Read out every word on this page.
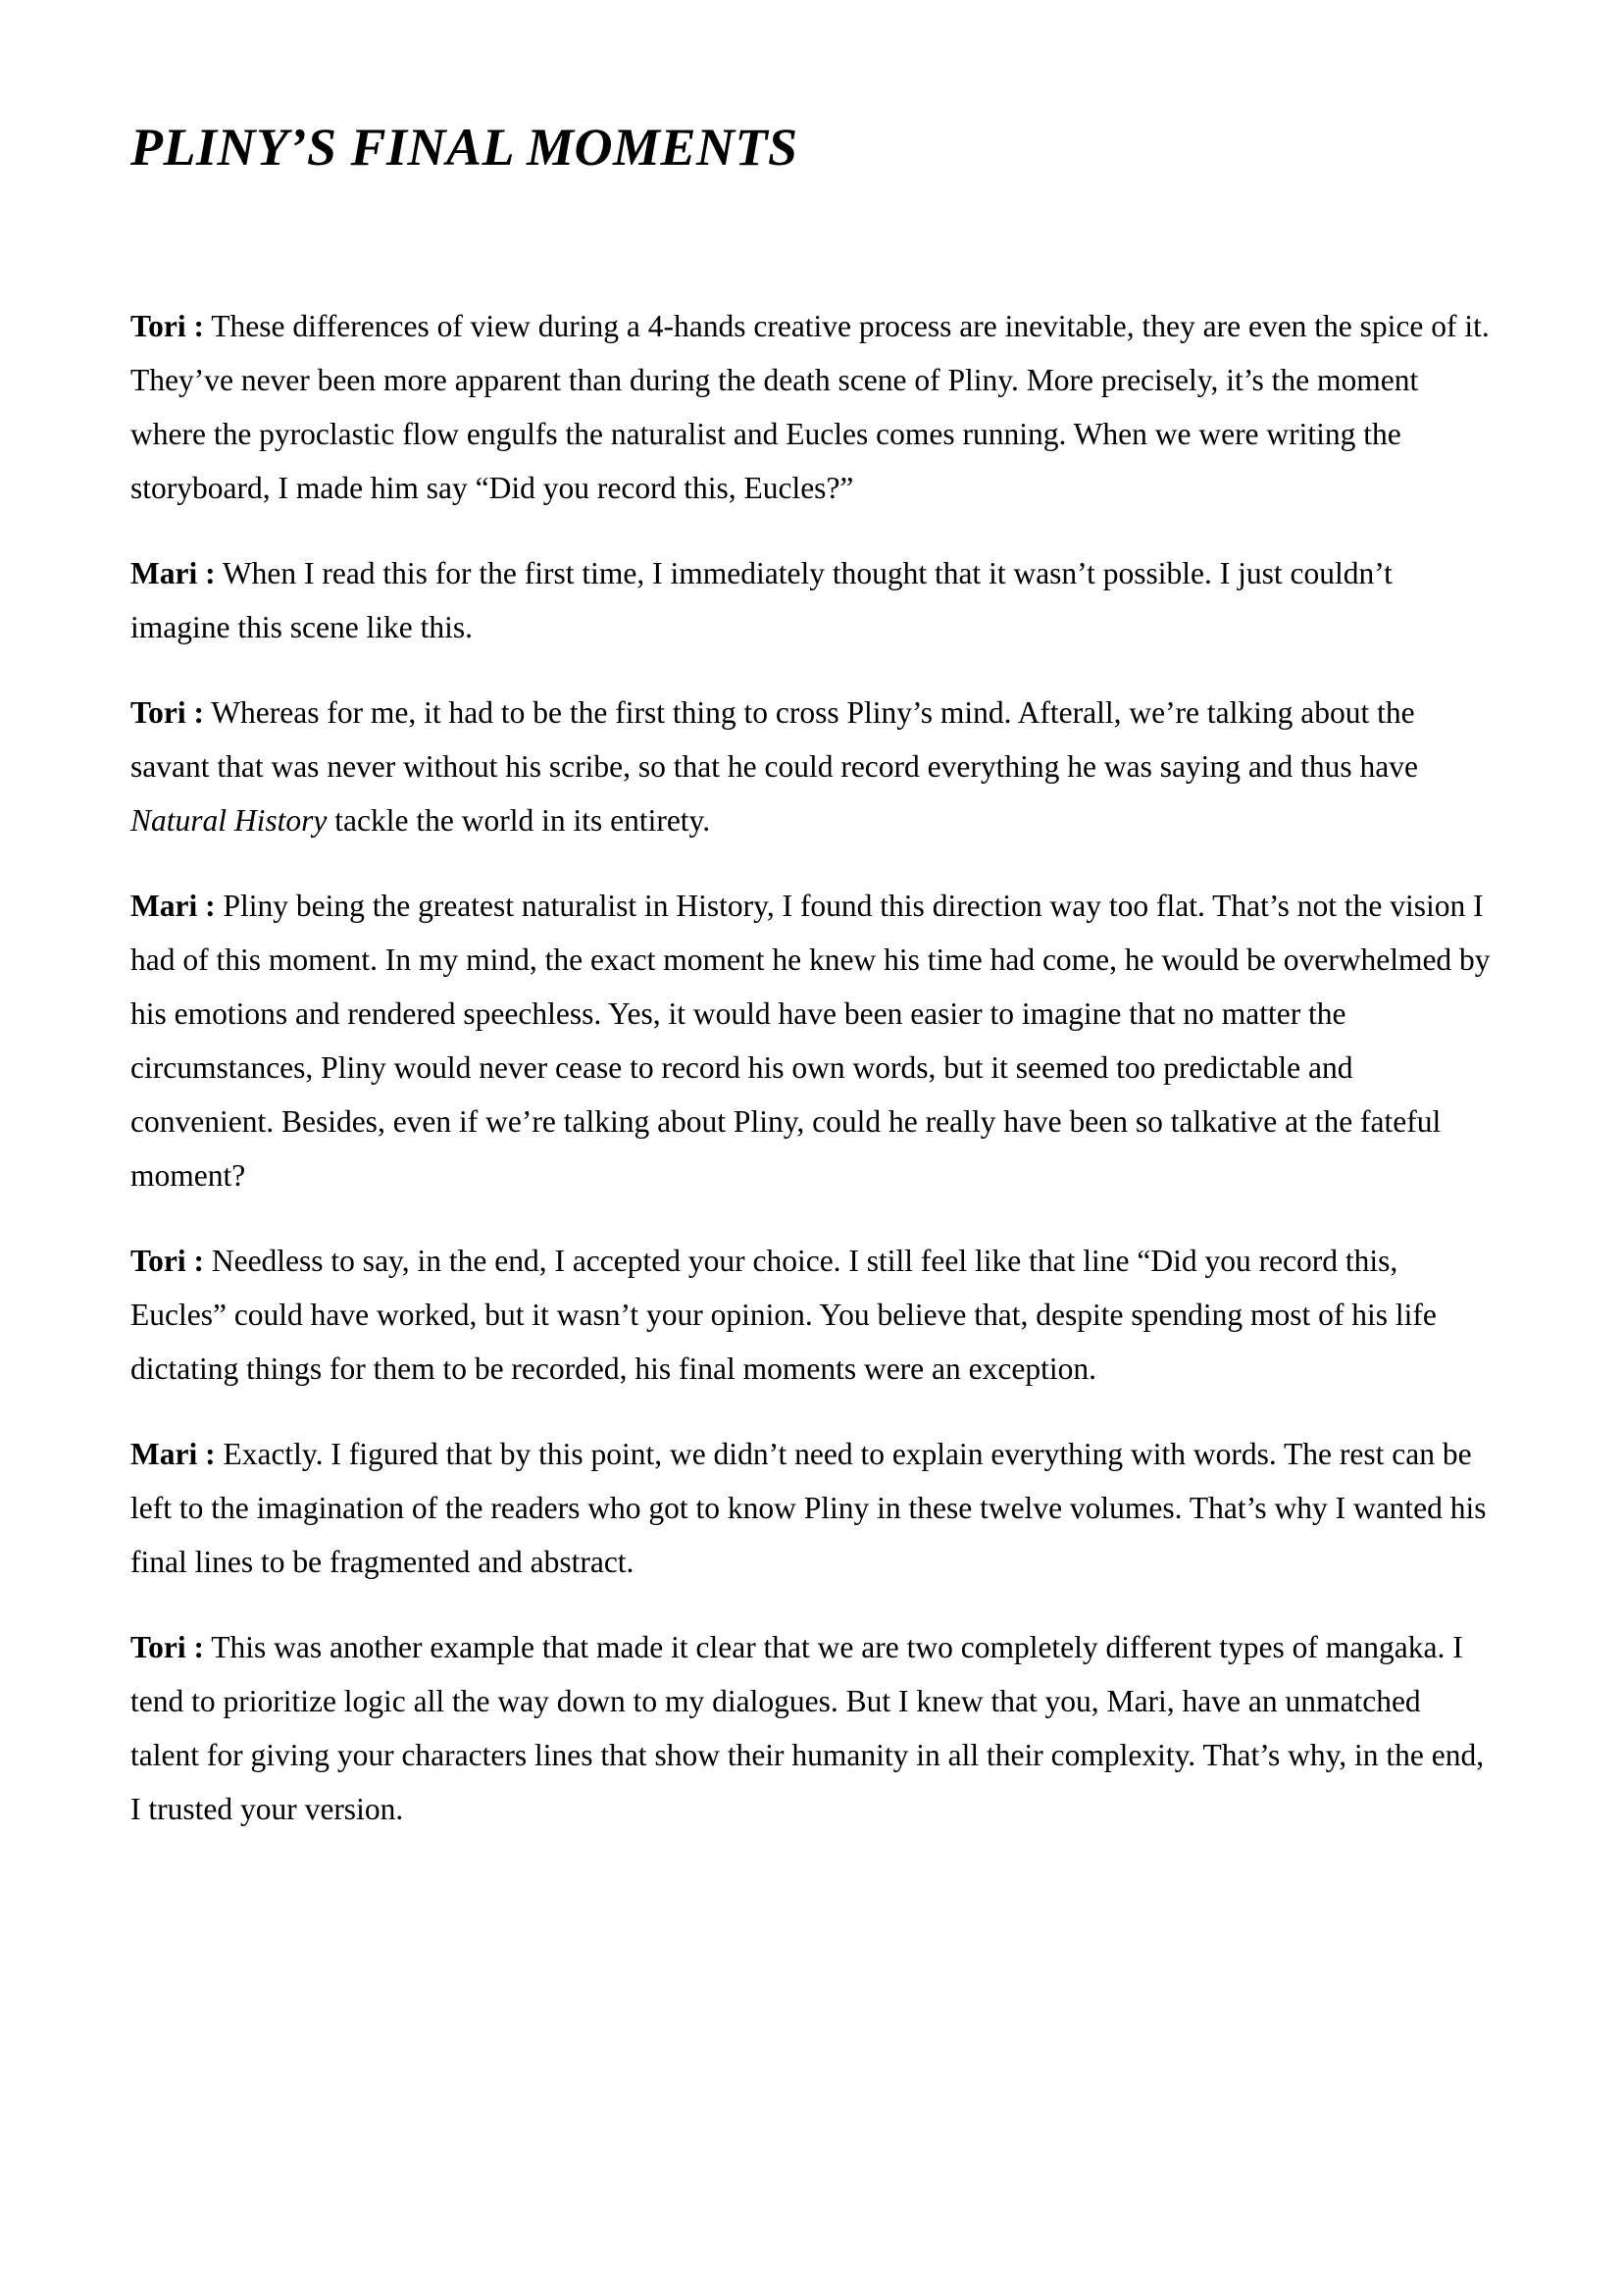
PLINY’S FINAL MOMENTS

Tori : These differences of view during a 4-hands creative process are inevitable, they are even the spice of it. They’ve never been more apparent than during the death scene of Pliny. More precisely, it’s the moment where the pyroclastic flow engulfs the naturalist and Eucles comes running. When we were writing the storyboard, I made him say “Did you record this, Eucles?”

Mari : When I read this for the first time, I immediately thought that it wasn’t possible. I just couldn’t imagine this scene like this.

Tori : Whereas for me, it had to be the first thing to cross Pliny’s mind. Afterall, we’re talking about the savant that was never without his scribe, so that he could record everything he was saying and thus have Natural History tackle the world in its entirety.

Mari : Pliny being the greatest naturalist in History, I found this direction way too flat. That’s not the vision I had of this moment. In my mind, the exact moment he knew his time had come, he would be overwhelmed by his emotions and rendered speechless. Yes, it would have been easier to imagine that no matter the circumstances, Pliny would never cease to record his own words, but it seemed too predictable and convenient. Besides, even if we’re talking about Pliny, could he really have been so talkative at the fateful moment?

Tori : Needless to say, in the end, I accepted your choice. I still feel like that line “Did you record this, Eucles” could have worked, but it wasn’t your opinion. You believe that, despite spending most of his life dictating things for them to be recorded, his final moments were an exception.

Mari : Exactly. I figured that by this point, we didn’t need to explain everything with words. The rest can be left to the imagination of the readers who got to know Pliny in these twelve volumes. That’s why I wanted his final lines to be fragmented and abstract.

Tori : This was another example that made it clear that we are two completely different types of mangaka. I tend to prioritize logic all the way down to my dialogues. But I knew that you, Mari, have an unmatched talent for giving your characters lines that show their humanity in all their complexity. That’s why, in the end, I trusted your version.
